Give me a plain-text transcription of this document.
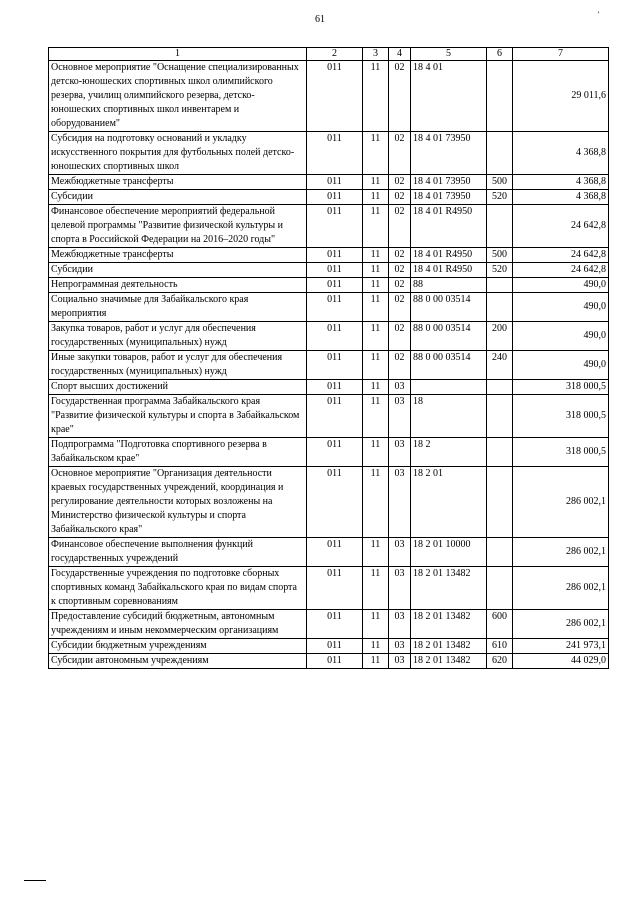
61	'
1	2	3	4	5	6	7
Основное мероприятие "Оснащение специализированных детско-юношеских спортивных школ олимпийского резерва, училищ олимпийского резерва, детско-юношеских спортивных школ инвентарем и оборудованием"	011	11	02	18 4 01		29 011,6
Субсидия на подготовку оснований и укладку искусственного покрытия для футбольных полей детско-юношеских спортивных школ	011	11	02	18 4 01 73950		4 368,8
Межбюджетные трансферты	011	11	02	18 4 01 73950	500	4 368,8
Субсидии	011	11	02	18 4 01 73950	520	4 368,8
Финансовое обеспечение мероприятий федеральной целевой программы "Развитие физической культуры и спорта в Российской Федерации на 2016–2020 годы"	011	11	02	18 4 01 R4950		24 642,8
Межбюджетные трансферты	011	11	02	18 4 01 R4950	500	24 642,8
Субсидии	011	11	02	18 4 01 R4950	520	24 642,8
Непрограммная деятельность	011	11	02	88		490,0
Социально значимые для Забайкальского края мероприятия	011	11	02	88 0 00 03514		490,0
Закупка товаров, работ и услуг для обеспечения государственных (муниципальных) нужд	011	11	02	88 0 00 03514	200	490,0
Иные закупки товаров, работ и услуг для обеспечения государственных (муниципальных) нужд	011	11	02	88 0 00 03514	240	490,0
Спорт высших достижений	011	11	03			318 000,5
Государственная программа Забайкальского края "Развитие физической культуры и спорта в Забайкальском крае"	011	11	03	18		318 000,5
Подпрограмма "Подготовка спортивного резерва в Забайкальском крае"	011	11	03	18 2		318 000,5
Основное мероприятие "Организация деятельности краевых государственных учреждений, координация и регулирование деятельности которых возложены на Министерство физической культуры и спорта Забайкальского края"	011	11	03	18 2 01		286 002,1
Финансовое обеспечение выполнения функций государственных учреждений	011	11	03	18 2 01 10000		286 002,1
Государственные учреждения по подготовке сборных спортивных команд Забайкальского края по видам спорта к спортивным соревнованиям	011	11	03	18 2 01 13482		286 002,1
Предоставление субсидий бюджетным, автономным учреждениям и иным некоммерческим организациям	011	11	03	18 2 01 13482	600	286 002,1
Субсидии бюджетным учреждениям	011	11	03	18 2 01 13482	610	241 973,1
Субсидии автономным учреждениям	011	11	03	18 2 01 13482	620	44 029,0
